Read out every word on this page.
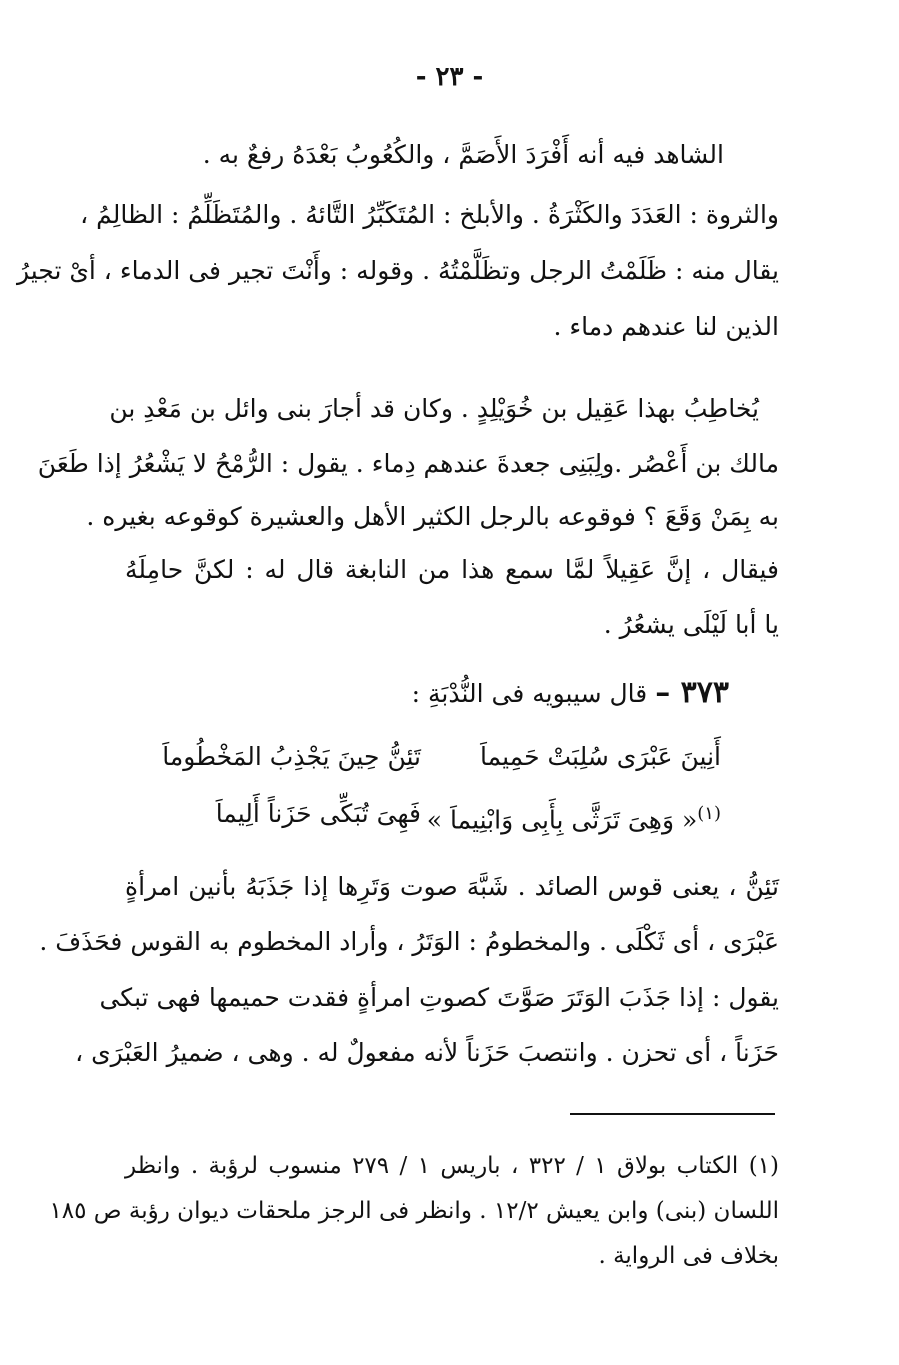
- ٢٣ -
الشاهد فيه أنه أَفْرَدَ الأَصَمَّ ، والكُعُوبُ بَعْدَهُ رفعٌ به .
والثروة : العَدَدَ والكَثْرَةُ . والأبلخ : المُتَكَبِّرُ التَّائهُ . والمُتَظَلِّمُ : الظالِمُ ،
يقال منه : ظَلَمْتُ الرجل وتظَلَّمْتُهُ . وقوله : وأَنْتَ تجير فى الدماء ، أىْ تجيرُ
الذين لنا عندهم دماء .
يُخاطِبُ بهذا عَقِيل بن خُوَيْلِدٍ . وكان قد أجارَ بنى وائل بن مَعْدِ بن
مالك بن أَعْصُر .ولِبَنِى جعدةَ عندهم دِماء . يقول : الرُّمْحُ لا يَشْعُرُ إذا طَعَنَ
به بِمَنْ وَقَعَ ؟ فوقوعه بالرجل الكثير الأهل والعشيرة كوقوعه بغيره .
فيقال ، إنَّ عَقِيلاً لمَّا سمع هذا من النابغة قال له : لكنَّ حامِلَهُ
يا أبا لَيْلَى يشعُرُ .
٣٧٣ – قال سيبويه فى النُّدْبَةِ :
أَنِينَ عَبْرَى سُلِبَتْ حَمِيماَ
تَئِنُّ حِينَ يَجْذِبُ المَخْطُوماَ
$^{(١)}$« وَهِىَ تَرَثَّى بِأَبِى وَابْنِيماَ »
فَهِىَ تُبَكِّى حَزَناً أَلِيماَ
تَئِنُّ ، يعنى قوس الصائد . شَبَّهَ صوت وَتَرِها إذا جَذَبَهُ بأنين امرأةٍ
عَبْرَى ، أى ثَكْلَى . والمخطومُ : الوَتَرُ ، وأراد المخطوم به القوس فحَذَفَ .
يقول : إذا جَذَبَ الوَتَرَ صَوَّتَ كصوتِ امرأةٍ فقدت حميمها فهى تبكى
حَزَناً ، أى تحزن . وانتصبَ حَزَناً لأنه مفعولٌ له . وهى ، ضميرُ العَبْرَى ،
(١) الكتاب بولاق ١ / ٣٢٢ ، باريس ١ / ٢٧٩ منسوب لرؤبة . وانظر
اللسان (بنى) وابن يعيش ١٢/٢ . وانظر فى الرجز ملحقات ديوان رؤبة ص ١٨٥
بخلاف فى الرواية .
